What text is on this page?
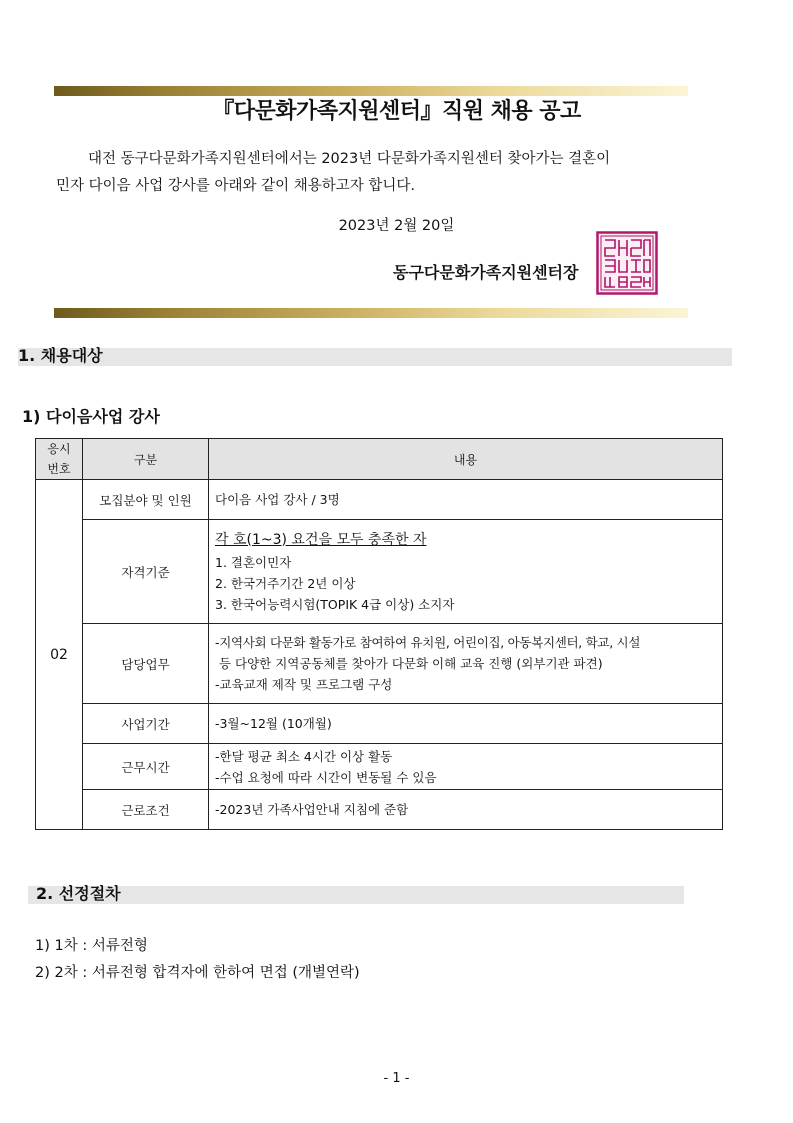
『다문화가족지원센터』직원 채용 공고
대전 동구다문화가족지원센터에서는 2023년 다문화가족지원센터 찾아가는 결혼이
민자 다이음 사업 강사를 아래와 같이 채용하고자 합니다.
2023년 2월 20일
동구다문화가족지원센터장
1. 채용대상
1) 다이음사업 강사
응시
번호	구분	내용
02	모집분야 및 인원	다이음 사업 강사 / 3명

	자격기준	각 호(1~3) 요건을 모두 충족한 자
1. 결혼이민자
2. 한국거주기간 2년 이상
3. 한국어능력시험(TOPIK 4급 이상) 소지자

	담당업무	-지역사회 다문화 활동가로 참여하여 유치원, 어린이집, 아동복지센터, 학교, 시설
등 다양한 지역공동체를 찾아가 다문화 이해 교육 진행 (외부기관 파견)
-교육교재 제작 및 프로그램 구성

	사업기간	-3월~12월 (10개월)

	근무시간	-한달 평균 최소 4시간 이상 활동
-수업 요청에 따라 시간이 변동될 수 있음

	근로조건	-2023년 가족사업안내 지침에 준함
2. 선정절차
1) 1차 : 서류전형
2) 2차 : 서류전형 합격자에 한하여 면접 (개별연락)
- 1 -
